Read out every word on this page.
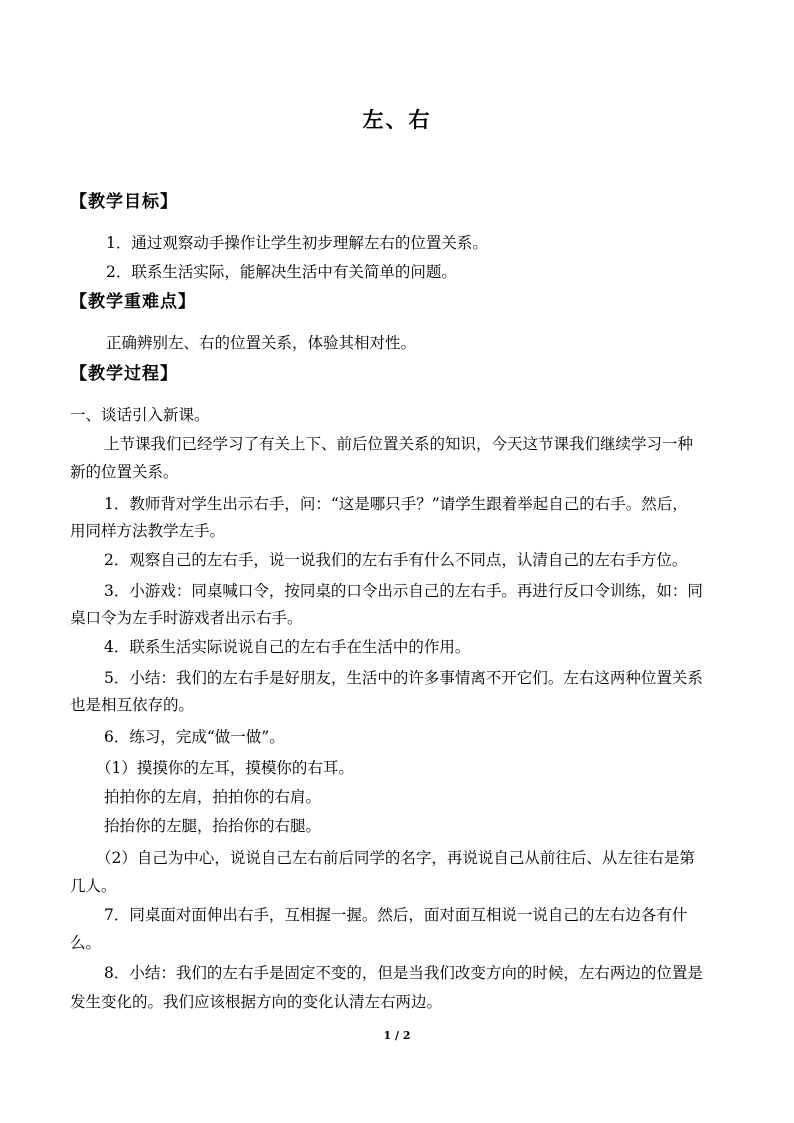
左、右
【教学目标】
1．通过观察动手操作让学生初步理解左右的位置关系。
2．联系生活实际，能解决生活中有关简单的问题。
【教学重难点】
正确辨别左、右的位置关系，体验其相对性。
【教学过程】
一、谈话引入新课。
上节课我们已经学习了有关上下、前后位置关系的知识，今天这节课我们继续学习一种
新的位置关系。
1．教师背对学生出示右手，问：“这是哪只手？”请学生跟着举起自己的右手。然后，
用同样方法教学左手。
2．观察自己的左右手，说一说我们的左右手有什么不同点，认清自己的左右手方位。
3．小游戏：同桌喊口令，按同桌的口令出示自己的左右手。再进行反口令训练，如：同
桌口令为左手时游戏者出示右手。
4．联系生活实际说说自己的左右手在生活中的作用。
5．小结：我们的左右手是好朋友，生活中的许多事情离不开它们。左右这两种位置关系
也是相互依存的。
6．练习，完成“做一做”。
（1）摸摸你的左耳，摸模你的右耳。
拍拍你的左肩，拍拍你的右肩。
抬抬你的左腿，抬抬你的右腿。
（2）自己为中心，说说自己左右前后同学的名字，再说说自己从前往后、从左往右是第
几人。
7．同桌面对面伸出右手，互相握一握。然后，面对面互相说一说自己的左右边各有什
么。
8．小结：我们的左右手是固定不变的，但是当我们改变方向的时候，左右两边的位置是
发生变化的。我们应该根据方向的变化认清左右两边。
1 / 2
